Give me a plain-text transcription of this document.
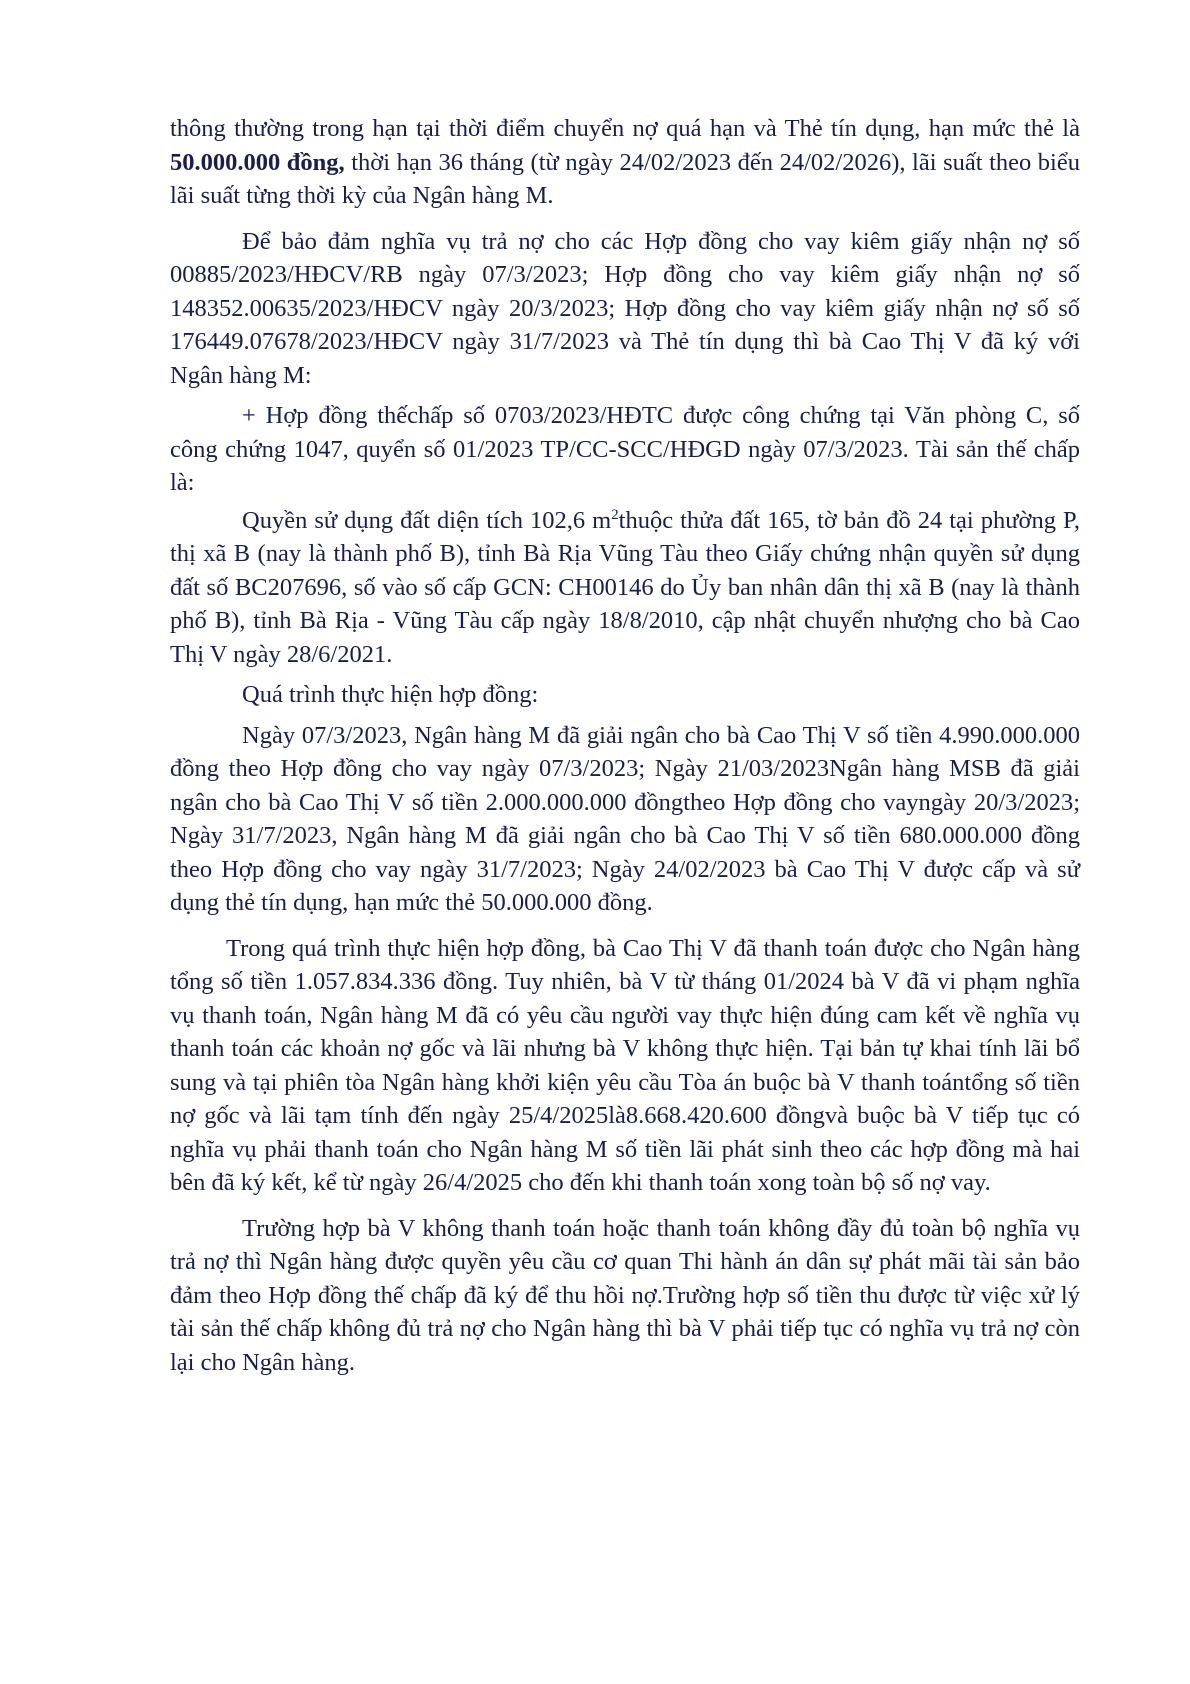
thông thường trong hạn tại thời điểm chuyển nợ quá hạn và Thẻ tín dụng, hạn mức thẻ là 50.000.000 đồng, thời hạn 36 tháng (từ ngày 24/02/2023 đến 24/02/2026), lãi suất theo biểu lãi suất từng thời kỳ của Ngân hàng M.

Để bảo đảm nghĩa vụ trả nợ cho các Hợp đồng cho vay kiêm giấy nhận nợ số 00885/2023/HĐCV/RB ngày 07/3/2023; Hợp đồng cho vay kiêm giấy nhận nợ số 148352.00635/2023/HĐCV ngày 20/3/2023; Hợp đồng cho vay kiêm giấy nhận nợ số số 176449.07678/2023/HĐCV ngày 31/7/2023 và Thẻ tín dụng thì bà Cao Thị V đã ký với Ngân hàng M:

+ Hợp đồng thếchấp số 0703/2023/HĐTC được công chứng tại Văn phòng C, số công chứng 1047, quyển số 01/2023 TP/CC-SCC/HĐGD ngày 07/3/2023. Tài sản thế chấp là:

Quyền sử dụng đất diện tích 102,6 $m^2thuộc$ thửa đất 165, tờ bản đồ 24 tại phường P, thị xã B (nay là thành phố B), tỉnh Bà Rịa Vũng Tàu theo Giấy chứng nhận quyền sử dụng đất số BC207696, số vào số cấp GCN: CH00146 do Ủy ban nhân dân thị xã B (nay là thành phố B), tỉnh Bà Rịa - Vũng Tàu cấp ngày 18/8/2010, cập nhật chuyển nhượng cho bà Cao Thị V ngày 28/6/2021.

Quá trình thực hiện hợp đồng:

Ngày 07/3/2023, Ngân hàng M đã giải ngân cho bà Cao Thị V số tiền 4.990.000.000 đồng theo Hợp đồng cho vay ngày 07/3/2023; Ngày 21/03/2023Ngân hàng MSB đã giải ngân cho bà Cao Thị V số tiền 2.000.000.000 đồngtheo Hợp đồng cho vayngày 20/3/2023; Ngày 31/7/2023, Ngân hàng M đã giải ngân cho bà Cao Thị V số tiền 680.000.000 đồng theo Hợp đồng cho vay ngày 31/7/2023; Ngày 24/02/2023 bà Cao Thị V được cấp và sử dụng thẻ tín dụng, hạn mức thẻ 50.000.000 đồng.

Trong quá trình thực hiện hợp đồng, bà Cao Thị V đã thanh toán được cho Ngân hàng tổng số tiền 1.057.834.336 đồng. Tuy nhiên, bà V từ tháng 01/2024 bà V đã vi phạm nghĩa vụ thanh toán, Ngân hàng M đã có yêu cầu người vay thực hiện đúng cam kết về nghĩa vụ thanh toán các khoản nợ gốc và lãi nhưng bà V không thực hiện. Tại bản tự khai tính lãi bổ sung và tại phiên tòa Ngân hàng khởi kiện yêu cầu Tòa án buộc bà V thanh toántổng số tiền nợ gốc và lãi tạm tính đến ngày 25/4/2025là8.668.420.600 đồngvà buộc bà V tiếp tục có nghĩa vụ phải thanh toán cho Ngân hàng M số tiền lãi phát sinh theo các hợp đồng mà hai bên đã ký kết, kể từ ngày 26/4/2025 cho đến khi thanh toán xong toàn bộ số nợ vay.

Trường hợp bà V không thanh toán hoặc thanh toán không đầy đủ toàn bộ nghĩa vụ trả nợ thì Ngân hàng được quyền yêu cầu cơ quan Thi hành án dân sự phát mãi tài sản bảo đảm theo Hợp đồng thế chấp đã ký để thu hồi nợ.Trường hợp số tiền thu được từ việc xử lý tài sản thế chấp không đủ trả nợ cho Ngân hàng thì bà V phải tiếp tục có nghĩa vụ trả nợ còn lại cho Ngân hàng.
